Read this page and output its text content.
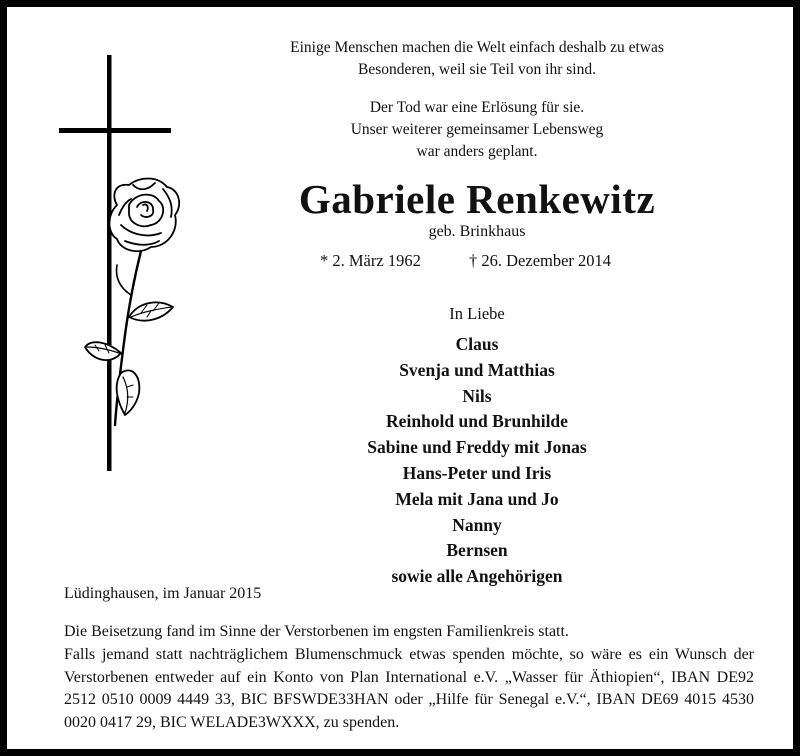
Einige Menschen machen die Welt einfach deshalb zu etwas
Besonderen, weil sie Teil von ihr sind.
Der Tod war eine Erlösung für sie.
Unser weiterer gemeinsamer Lebensweg
war anders geplant.
Gabriele Renkewitz
geb. Brinkhaus
* 2. März 1962	† 26. Dezember 2014
In Liebe
Claus
Svenja und Matthias
Nils
Reinhold und Brunhilde
Sabine und Freddy mit Jonas
Hans-Peter und Iris
Mela mit Jana und Jo
Nanny
Bernsen
sowie alle Angehörigen
Lüdinghausen, im Januar 2015
Die Beisetzung fand im Sinne der Verstorbenen im engsten Familienkreis statt.
Falls jemand statt nachträglichem Blumenschmuck etwas spenden möchte, so wäre es ein Wunsch der Verstorbenen entweder auf ein Konto von Plan International e.V. „Wasser für Äthiopien“, IBAN DE92 2512 0510 0009 4449 33, BIC BFSWDE33HAN oder „Hilfe für Senegal e.V.“, IBAN DE69 4015 4530 0020 0417 29, BIC WELADE3WXXX, zu spenden.
